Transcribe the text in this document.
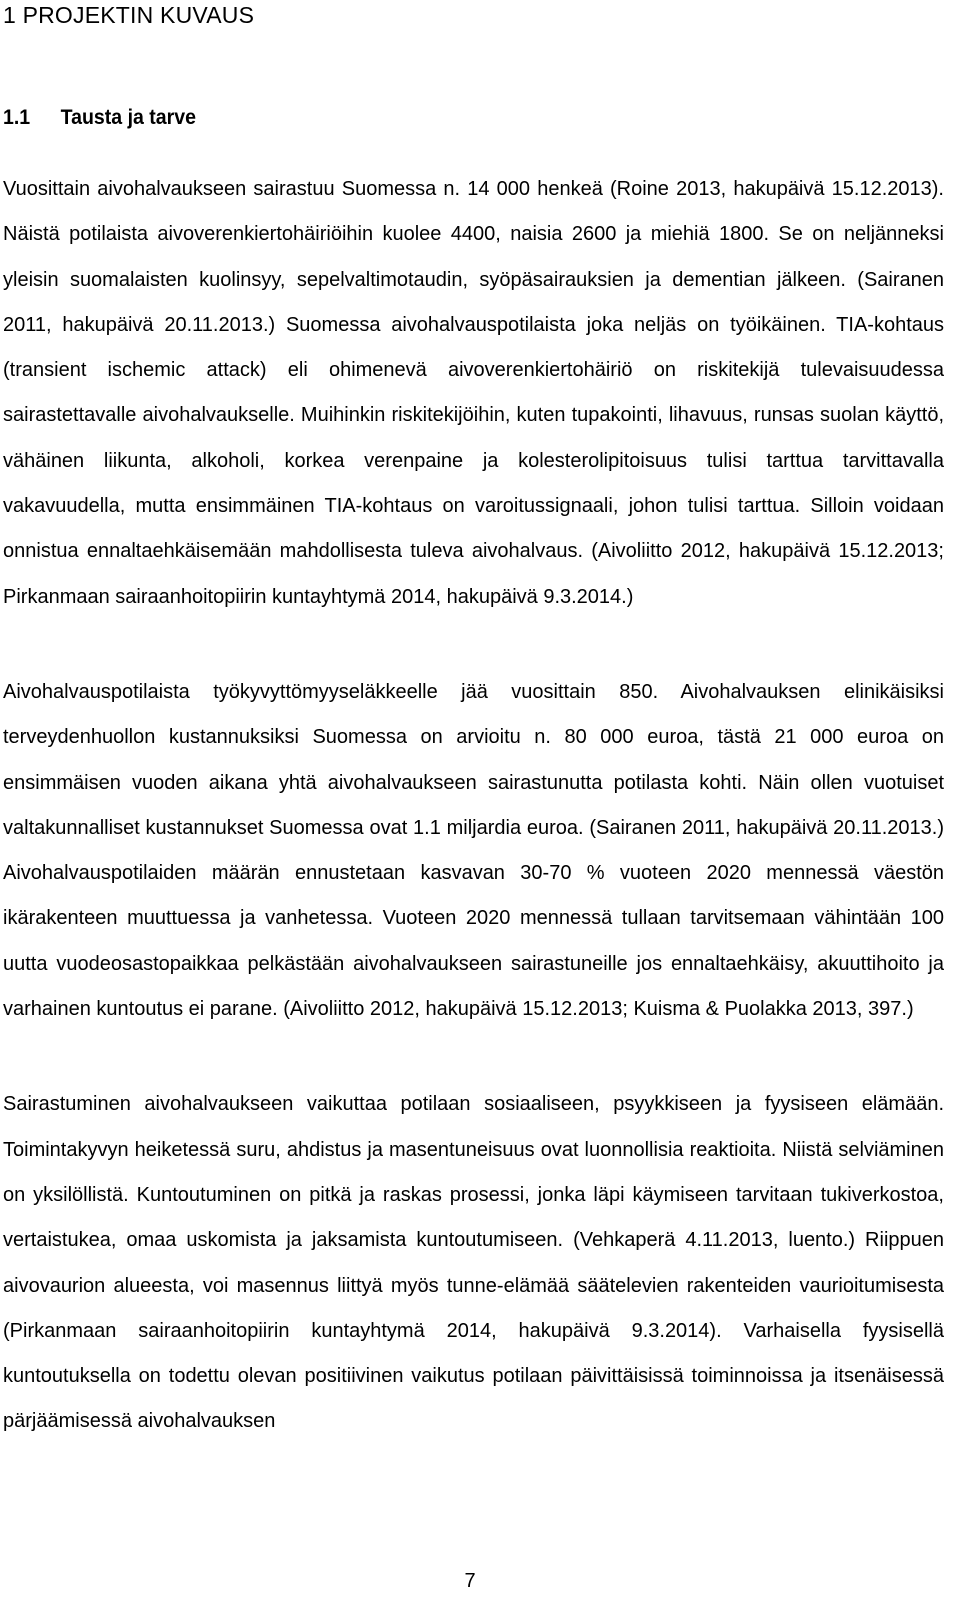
1 PROJEKTIN KUVAUS
1.1 Tausta ja tarve

Vuosittain aivohalvaukseen sairastuu Suomessa n. 14 000 henkeä (Roine 2013, hakupäivä 15.12.2013). Näistä potilaista aivoverenkiertohäiriöihin kuolee 4400, naisia 2600 ja miehiä 1800. Se on neljänneksi yleisin suomalaisten kuolinsyy, sepelvaltimotaudin, syöpäsairauksien ja dementian jälkeen. (Sairanen 2011, hakupäivä 20.11.2013.) Suomessa aivohalvauspotilaista joka neljäs on työikäinen. TIA-kohtaus (transient ischemic attack) eli ohimenevä aivoverenkiertohäiriö on riskitekijä tulevaisuudessa sairastettavalle aivohalvaukselle. Muihinkin riskitekijöihin, kuten tupakointi, lihavuus, runsas suolan käyttö, vähäinen liikunta, alkoholi, korkea verenpaine ja kolesterolipitoisuus tulisi tarttua tarvittavalla vakavuudella, mutta ensimmäinen TIA-kohtaus on varoitussignaali, johon tulisi tarttua. Silloin voidaan onnistua ennaltaehkäisemään mahdollisesta tuleva aivohalvaus. (Aivoliitto 2012, hakupäivä 15.12.2013; Pirkanmaan sairaanhoitopiirin kuntayhtymä 2014, hakupäivä 9.3.2014.)

Aivohalvauspotilaista työkyvyttömyyseläkkeelle jää vuosittain 850. Aivohalvauksen elinikäisiksi terveydenhuollon kustannuksiksi Suomessa on arvioitu n. 80 000 euroa, tästä 21 000 euroa on ensimmäisen vuoden aikana yhtä aivohalvaukseen sairastunutta potilasta kohti. Näin ollen vuotuiset valtakunnalliset kustannukset Suomessa ovat 1.1 miljardia euroa. (Sairanen 2011, hakupäivä 20.11.2013.) Aivohalvauspotilaiden määrän ennustetaan kasvavan 30-70 % vuoteen 2020 mennessä väestön ikärakenteen muuttuessa ja vanhetessa. Vuoteen 2020 mennessä tullaan tarvitsemaan vähintään 100 uutta vuodeosastopaikkaa pelkästään aivohalvaukseen sairastuneille jos ennaltaehkäisy, akuuttihoito ja varhainen kuntoutus ei parane. (Aivoliitto 2012, hakupäivä 15.12.2013; Kuisma & Puolakka 2013, 397.)

Sairastuminen aivohalvaukseen vaikuttaa potilaan sosiaaliseen, psyykkiseen ja fyysiseen elämään. Toimintakyvyn heiketessä suru, ahdistus ja masentuneisuus ovat luonnollisia reaktioita. Niistä selviäminen on yksilöllistä. Kuntoutuminen on pitkä ja raskas prosessi, jonka läpi käymiseen tarvitaan tukiverkostoa, vertaistukea, omaa uskomista ja jaksamista kuntoutumiseen. (Vehkaperä 4.11.2013, luento.) Riippuen aivovaurion alueesta, voi masennus liittyä myös tunne-elämää säätelevien rakenteiden vaurioitumisesta (Pirkanmaan sairaanhoitopiirin kuntayhtymä 2014, hakupäivä 9.3.2014). Varhaisella fyysisellä kuntoutuksella on todettu olevan positiivinen vaikutus potilaan päivittäisissä toiminnoissa ja itsenäisessä pärjäämisessä aivohalvauksen

7
